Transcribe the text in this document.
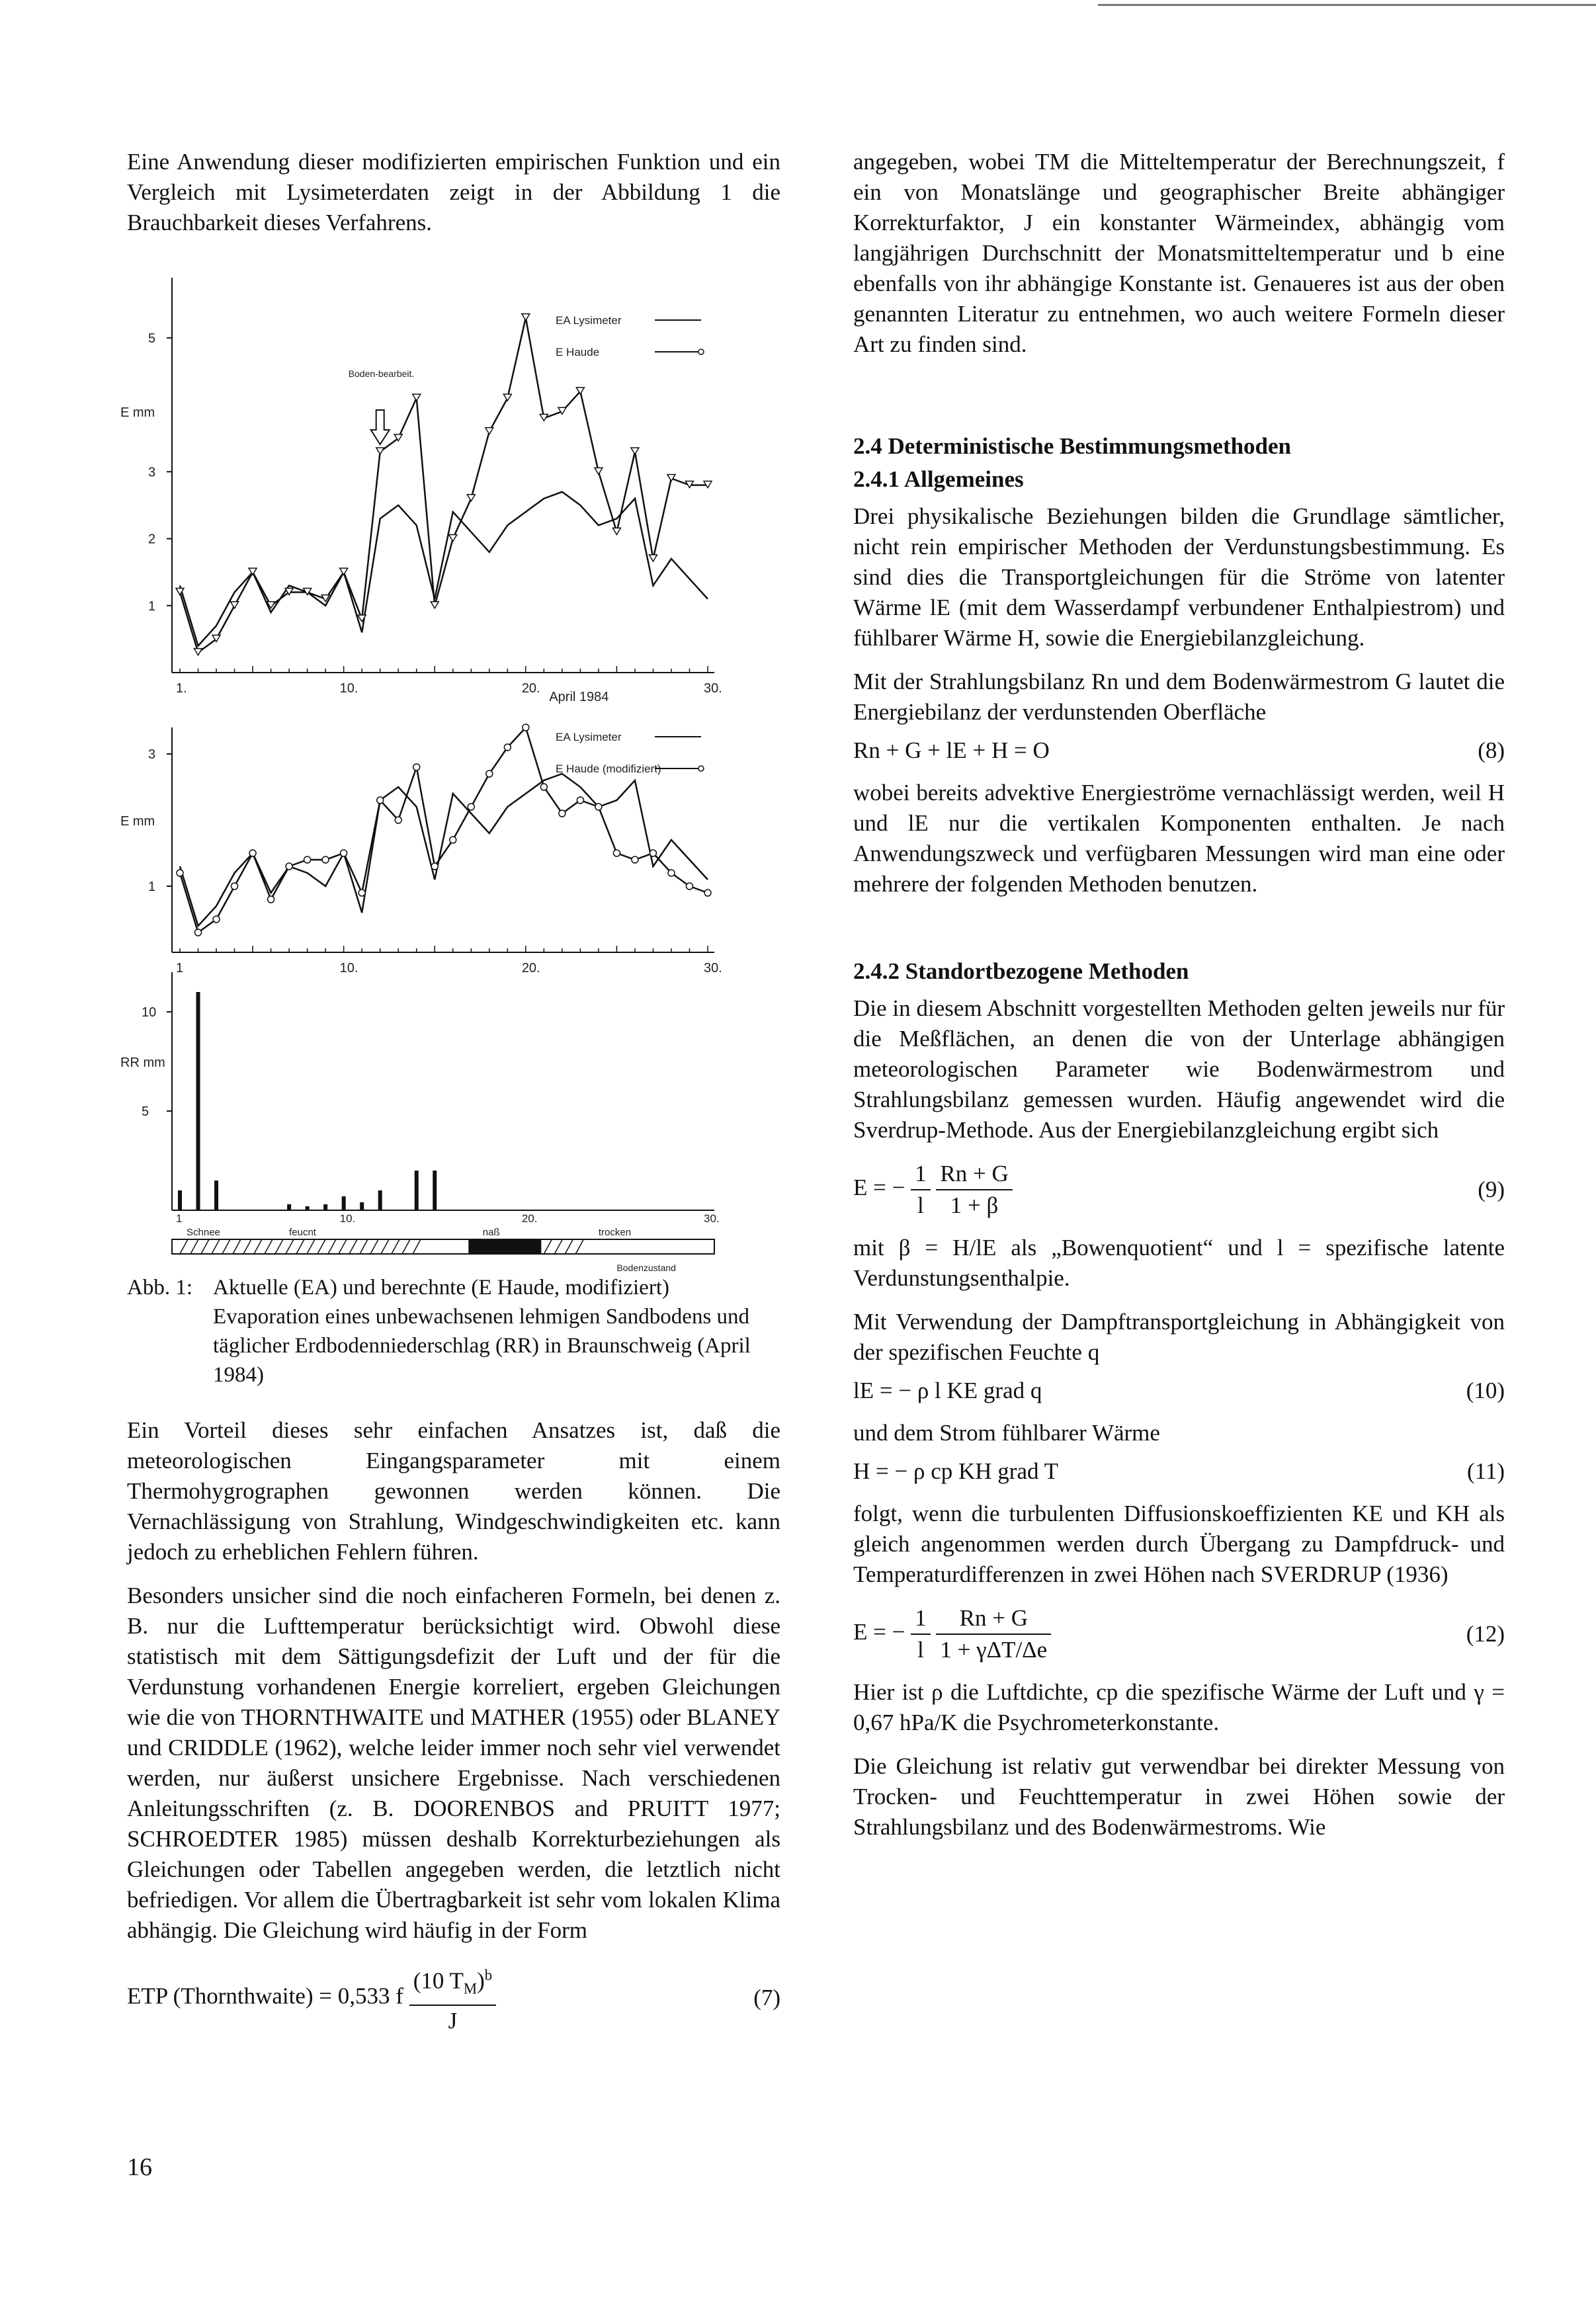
Eine Anwendung dieser modifizierten empirischen Funktion und ein Vergleich mit Lysimeterdaten zeigt in der Abbildung 1 die Brauchbarkeit dieses Verfahrens.

1
2
3
5
1.	10.	20.	30.
E mm
EA Lysimeter
E Haude
April 1984
Boden-bearbeit.
1
3
1	10.	20.	30.
E mm
EA Lysimeter
E Haude (modifiziert)
5
10
RR mm
1	10.	20.	30.
Schnee	feucnt	naß	trocken
Bodenzustand
Abb. 1: Aktuelle (EA) und berechnte (E Haude, modifiziert) Evaporation eines unbewachsenen lehmigen Sandbodens und täglicher Erdbodenniederschlag (RR) in Braunschweig (April 1984)

Ein Vorteil dieses sehr einfachen Ansatzes ist, daß die meteorologischen Eingangsparameter mit einem Thermohygrographen gewonnen werden können. Die Vernachlässigung von Strahlung, Windgeschwindigkeiten etc. kann jedoch zu erheblichen Fehlern führen.

Besonders unsicher sind die noch einfacheren Formeln, bei denen z. B. nur die Lufttemperatur berücksichtigt wird. Obwohl diese statistisch mit dem Sättigungsdefizit der Luft und der für die Verdunstung vorhandenen Energie korreliert, ergeben Gleichungen wie die von THORNTHWAITE und MATHER (1955) oder BLANEY und CRIDDLE (1962), welche leider immer noch sehr viel verwendet werden, nur äußerst unsichere Ergebnisse. Nach verschiedenen Anleitungsschriften (z. B. DOORENBOS and PRUITT 1977; SCHROEDTER 1985) müssen deshalb Korrekturbeziehungen als Gleichungen oder Tabellen angegeben werden, die letztlich nicht befriedigen. Vor allem die Übertragbarkeit ist sehr vom lokalen Klima abhängig. Die Gleichung wird häufig in der Form

ETP (Thornthwaite) = 0,533 f $\frac{(10 T_M)^b}{J}$	(7)
16

angegeben, wobei TM die Mitteltemperatur der Berechnungszeit, f ein von Monatslänge und geographischer Breite abhängiger Korrekturfaktor, J ein konstanter Wärmeindex, abhängig vom langjährigen Durchschnitt der Monatsmitteltemperatur und b eine ebenfalls von ihr abhängige Konstante ist. Genaueres ist aus der oben genannten Literatur zu entnehmen, wo auch weitere Formeln dieser Art zu finden sind.

2.4 Deterministische Bestimmungsmethoden
2.4.1 Allgemeines

Drei physikalische Beziehungen bilden die Grundlage sämtlicher, nicht rein empirischer Methoden der Verdunstungsbestimmung. Es sind dies die Transportgleichungen für die Ströme von latenter Wärme lE (mit dem Wasserdampf verbundener Enthalpiestrom) und fühlbarer Wärme H, sowie die Energiebilanzgleichung.

Mit der Strahlungsbilanz Rn und dem Bodenwärmestrom G lautet die Energiebilanz der verdunstenden Oberfläche

Rn + G + lE + H = O	(8)

wobei bereits advektive Energieströme vernachlässigt werden, weil H und lE nur die vertikalen Komponenten enthalten. Je nach Anwendungszweck und verfügbaren Messungen wird man eine oder mehrere der folgenden Methoden benutzen.

2.4.2 Standortbezogene Methoden

Die in diesem Abschnitt vorgestellten Methoden gelten jeweils nur für die Meßflächen, an denen die von der Unterlage abhängigen meteorologischen Parameter wie Bodenwärmestrom und Strahlungsbilanz gemessen wurden. Häufig angewendet wird die Sverdrup-Methode. Aus der Energiebilanzgleichung ergibt sich

E = − $\frac{1}{l}$
$\frac{Rn + G}{1 + \beta}$	(9)

mit β = H/lE als „Bowenquotient“ und l = spezifische latente Verdunstungsenthalpie.

Mit Verwendung der Dampftransportgleichung in Abhängigkeit von der spezifischen Feuchte q

lE = − ρ l KE grad q	(10)

und dem Strom fühlbarer Wärme

H = − ρ cp KH grad T	(11)

folgt, wenn die turbulenten Diffusionskoeffizienten KE und KH als gleich angenommen werden durch Übergang zu Dampfdruck- und Temperaturdifferenzen in zwei Höhen nach SVERDRUP (1936)

E = − $\frac{1}{l}$
$\frac{Rn + G}{\text{1 + γΔT/Δe}}$	(12)

Hier ist ρ die Luftdichte, cp die spezifische Wärme der Luft und γ = 0,67 hPa/K die Psychrometerkonstante.

Die Gleichung ist relativ gut verwendbar bei direkter Messung von Trocken- und Feuchttemperatur in zwei Höhen sowie der Strahlungsbilanz und des Bodenwärmestroms. Wie
